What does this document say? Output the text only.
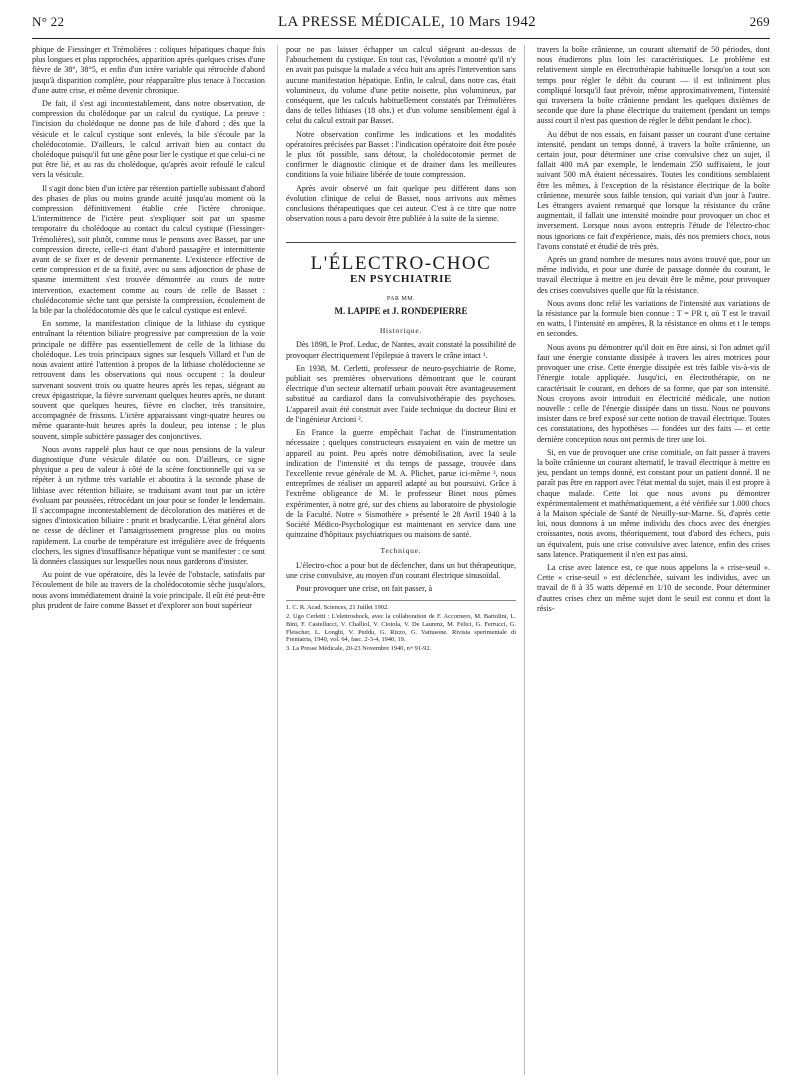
N° 22	LA PRESSE MÉDICALE, 10 Mars 1942	269

phique de Fiessinger et Trémolières : coliques hépatiques chaque fois plus longues et plus rapprochées, apparition après quelques crises d'une fièvre de 38°, 38°5, et enfin d'un ictère variable qui rétrocède d'abord jusqu'à disparition complète, pour réapparaître plus tenace à l'occasion d'une autre crise, et même devenir chronique.

De fait, il s'est agi incontestablement, dans notre observation, de compression du cholédoque par un calcul du cystique. La preuve : l'incision du cholédoque ne donne pas de bile d'abord ; dès que la vésicule et le calcul cystique sont enlevés, la bile s'écoule par la cholédocotomie. D'ailleurs, le calcul arrivait bien au contact du cholédoque puisqu'il fut une gêne pour lier le cystique et que celui-ci ne put être lié, et au ras du cholédoque, qu'après avoir refoulé le calcul vers la vésicule.

Il s'agit donc bien d'un ictère par rétention partielle subissant d'abord des phases de plus ou moins grande acuité jusqu'au moment où la compression définitivement établie crée l'ictère chronique. L'intermittence de l'ictère peut s'expliquer soit par un spasme temporaire du cholédoque au contact du calcul cystique (Fiessinger-Trémolières), soit plutôt, comme nous le pensons avec Basset, par une compression directe, celle-ci étant d'abord passagère et intermittente avant de se fixer et de devenir permanente. L'existence effective de cette compression et de sa fixité, avec ou sans adjonction de phase de spasme intermittent s'est trouvée démontrée au cours de notre intervention, exactement comme au cours de celle de Basset : cholédocotomie sèche tant que persiste la compression, écoulement de la bile par la cholédocotomie dès que le calcul cystique est enlevé.

En somme, la manifestation clinique de la lithiase du cystique entraînant la rétention biliaire progressive par compression de la voie principale ne diffère pas essentiellement de celle de la lithiase du cholédoque. Les trois principaux signes sur lesquels Villard et l'un de nous avaient attiré l'attention à propos de la lithiase cholédocienne se retrouvent dans les observations qui nous occupent : la douleur survenant souvent trois ou quatre heures après les repas, siégeant au creux épigastrique, la fièvre survenant quelques heures après, ne durant souvent que quelques heures, fièvre en clocher, très transitoire, accompagnée de frissons. L'ictère apparaissant vingt-quatre heures ou même quarante-huit heures après la douleur, peu intense ; le plus souvent, simple subictère passager des conjonctives.

Nous avons rappelé plus haut ce que nous pensions de la valeur diagnostique d'une vésicule dilatée ou non. D'ailleurs, ce signe physique a peu de valeur à côté de la scène fonctionnelle qui va se répéter à un rythme très variable et aboutira à la seconde phase de lithiase avec rétention biliaire, se traduisant avant tout par un ictère évoluant par poussées, rétrocédant un jour pour se fonder le lendemain. Il s'accompagne incontestablement de décoloration des matières et de signes d'intoxication biliaire : prurit et bradycardie. L'état général alors ne cesse de décliner et l'amaigrissement progresse plus ou moins rapidement. La courbe de température est irrégulière avec de fréquents clochers, les signes d'insuffisance hépatique vont se manifester : ce sont là données classiques sur lesquelles nous nous garderons d'insister.

Au point de vue opératoire, dès la levée de l'obstacle, satisfaits par l'écoulement de bile au travers de la cholédocotomie sèche jusqu'alors, nous avons immédiatement drainé la voie principale. Il eût été peut-être plus prudent de faire comme Basset et d'explorer son bout supérieur

pour ne pas laisser échapper un calcul siégeant au-dessus de l'abouchement du cystique. En tout cas, l'évolution a montré qu'il n'y en avait pas puisque la malade a vécu huit ans après l'intervention sans aucune manifestation hépatique. Enfin, le calcul, dans notre cas, était volumineux, du volume d'une petite noisette, plus volumineux, par conséquent, que les calculs habituellement constatés par Trémolières dans de telles lithiases (18 obs.) et d'un volume sensiblement égal à celui du calcul extrait par Basset.

Notre observation confirme les indications et les modalités opératoires précisées par Basset : l'indication opératoire doit être posée le plus tôt possible, sans détour, la cholédocotomie permet de confirmer le diagnostic clinique et de drainer dans les meilleures conditions la voie biliaire libérée de toute compression.

Après avoir observé un fait quelque peu différent dans son évolution clinique de celui de Basset, nous arrivons aux mêmes conclusions thérapeutiques que cet auteur. C'est à ce titre que notre observation nous a paru devoir être publiée à la suite de la sienne.

L'ÉLECTRO-CHOC
EN PSYCHIATRIE
PAR MM.
M. LAPIPE et J. RONDEPIERRE
Historique.

Dès 1898, le Prof. Leduc, de Nantes, avait constaté la possibilité de provoquer électriquement l'épilepsie à travers le crâne intact ¹.

En 1938, M. Cerletti, professeur de neuro-psychiatrie de Rome, publiait ses premières observations démontrant que le courant électrique d'un secteur alternatif urbain pouvait être avantageusement substitué au cardiazol dans la convulsivothérapie des psychoses. L'appareil avait été construit avec l'aide technique du docteur Bini et de l'ingénieur Arcioni ².

En France la guerre empêchait l'achat de l'instrumentation nécessaire ; quelques constructeurs essayaient en vain de mettre un appareil au point. Peu après notre démobilisation, avec la seule indication de l'intensité et du temps de passage, trouvée dans l'excellente revue générale de M. A. Plichet, parue ici-même ³, nous entreprîmes de réaliser un appareil adapté au but poursuivi. Grâce à l'extrême obligeance de M. le professeur Binet nous pûmes expérimenter, à notre gré, sur des chiens au laboratoire de physiologie de la Faculté. Notre « Sismothère » présenté le 28 Avril 1940 à la Société Médico-Psychologique est maintenant en service dans une quinzaine d'hôpitaux psychiatriques ou maisons de santé.

Technique.

L'électro-choc a pour but de déclencher, dans un but thérapeutique, une crise convulsive, au moyen d'un courant électrique sinusoïdal.

Pour provoquer une crise, on fait passer, à

1. C. R. Acad. Sciences, 21 Juillet 1902.
2. Ugo Cerletti : L'elettroshock, avec la collaboration de F. Accornero, M. Bartolini, L. Bini, F. Castellucci, V. Challiol, V. Ciotola, V. De Laurenz, M. Felici, G. Ferrucci, G. Fleischer, L. Longhi, V. Peddu, G. Rizzo, G. Vattusone. Rivista sperimentale di Freniatria, 1940, vol. 64, fasc. 2-3-4, 1940, 19.
3. La Presse Médicale, 20-23 Novembre 1940, nᵒˢ 91-92.

travers la boîte crânienne, un courant alternatif de 50 périodes, dont nous étudierons plus loin les caractéristiques. Le problème est relativement simple en électrothérapie habituelle lorsqu'on a tout son temps pour régler le débit du courant — il est infiniment plus compliqué lorsqu'il faut prévoir, même approximativement, l'intensité qui traversera la boîte crânienne pendant les quelques dixièmes de seconde que dure la phase électrique du traitement (pendant un temps aussi court il n'est pas question de régler le débit pendant le choc).

Au début de nos essais, en faisant passer un courant d'une certaine intensité, pendant un temps donné, à travers la boîte crânienne, un certain jour, pour déterminer une crise convulsive chez un sujet, il fallait 400 mA par exemple, le lendemain 250 suffisaient, le jour suivant 500 mA étaient nécessaires. Toutes les conditions semblaient être les mêmes, à l'exception de la résistance électrique de la boîte crânienne, mesurée sous faible tension, qui variait d'un jour à l'autre. Les étrangers avaient remarqué que lorsque la résistance du crâne augmentait, il fallait une intensité moindre pour provoquer un choc et inversement. Lorsque nous avons entrepris l'étude de l'électro-choc nous ignorions ce fait d'expérience, mais, dès nos premiers chocs, nous l'avons constaté et étudié de très près.

Après un grand nombre de mesures nous avons trouvé que, pour un même individu, et pour une durée de passage donnée du courant, le travail électrique à mettre en jeu devait être le même, pour provoquer des crises convulsives quelle que fût la résistance.

Nous avons donc relié les variations de l'intensité aux variations de la résistance par la formule bien connue : T = I²R t, où T est le travail en watts, I l'intensité en ampères, R la résistance en ohms et t le temps en secondes.

Nous avons pu démontrer qu'il doit en être ainsi, si l'on admet qu'il faut une énergie constante dissipée à travers les aires motrices pour provoquer une crise. Cette énergie dissipée est très faible vis-à-vis de l'énergie totale appliquée. Jusqu'ici, en électrothérapie, on ne caractérisait le courant, en dehors de sa forme, que par son intensité. Nous croyons avoir introduit en électricité médicale, une notion nouvelle : celle de l'énergie dissipée dans un tissu. Nous ne pouvons insister dans ce bref exposé sur cette notion de travail électrique. Toutes ces constatations, des hypothèses — fondées sur des faits — et cette dernière conception nous ont permis de tirer une loi.

Si, en vue de provoquer une crise comitiale, on fait passer à travers la boîte crânienne un courant alternatif, le travail électrique à mettre en jeu, pendant un temps donné, est constant pour un patient donné. Il ne paraît pas être en rapport avec l'état mental du sujet, mais il est propre à chaque malade. Cette loi que nous avons pu démontrer expérimentalement et mathématiquement, a été vérifiée sur 1.000 chocs à la Maison spéciale de Santé de Neuilly-sur-Marne. Si, d'après cette loi, nous donnons à un même individu des chocs avec des énergies croissantes, nous avons, théoriquement, tout d'abord des échecs, puis un équivalent, puis une crise convulsive avec latence, enfin des crises sans latence. Pratiquement il n'en est pas ainsi.

La crise avec latence est, ce que nous appelons la « crise-seuil ». Cette « crise-seuil » est déclenchée, suivant les individus, avec un travail de 8 à 35 watts dépensé en 1/10 de seconde. Pour déterminer d'autres crises chez un même sujet dont le seuil est connu et dont la résis-
